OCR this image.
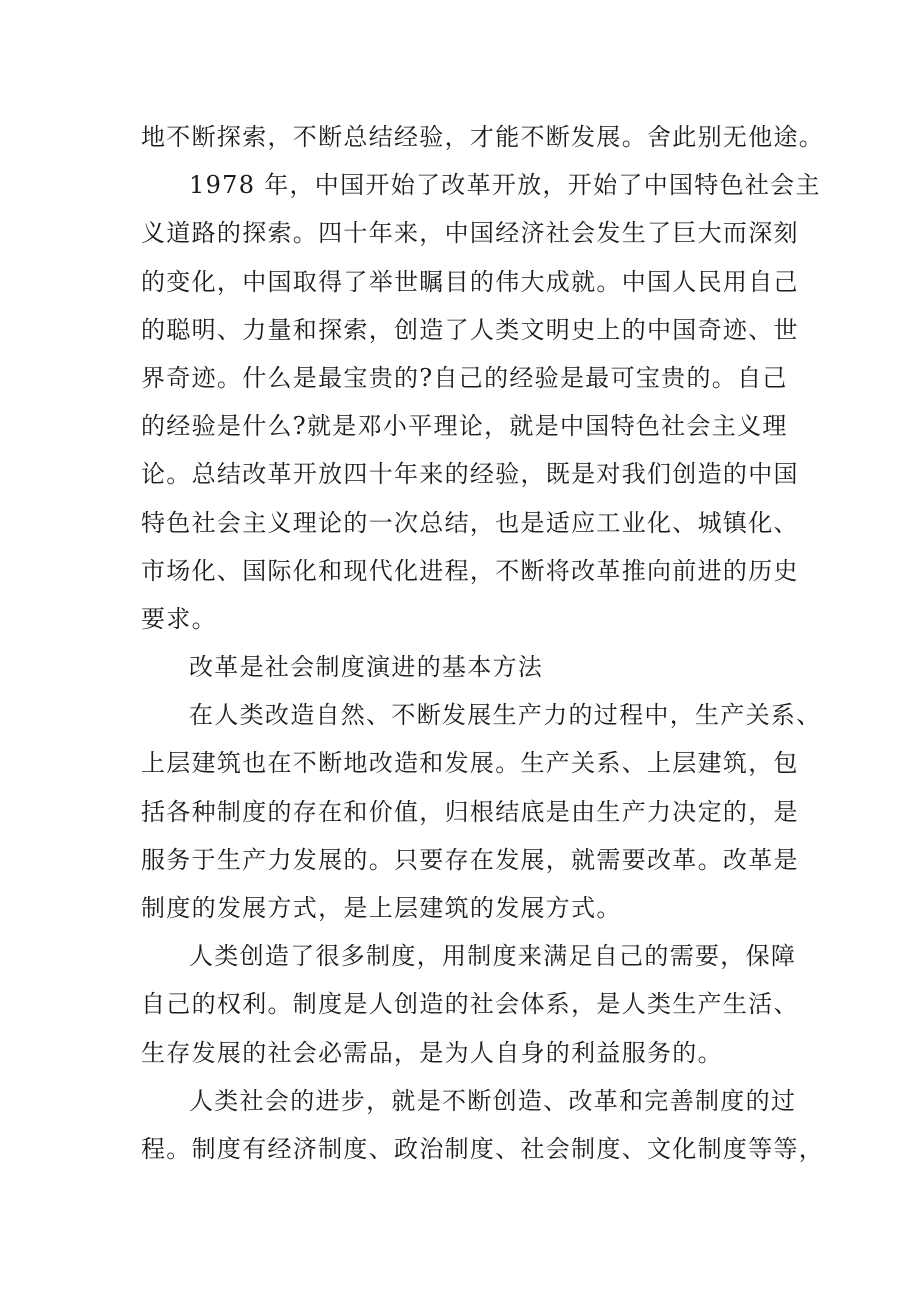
地不断探索，不断总结经验，才能不断发展。舍此别无他途。
1978 年，中国开始了改革开放，开始了中国特色社会主
义道路的探索。四十年来，中国经济社会发生了巨大而深刻
的变化，中国取得了举世瞩目的伟大成就。中国人民用自己
的聪明、力量和探索，创造了人类文明史上的中国奇迹、世
界奇迹。什么是最宝贵的?自己的经验是最可宝贵的。自己
的经验是什么?就是邓小平理论，就是中国特色社会主义理
论。总结改革开放四十年来的经验，既是对我们创造的中国
特色社会主义理论的一次总结，也是适应工业化、城镇化、
市场化、国际化和现代化进程，不断将改革推向前进的历史
要求。
改革是社会制度演进的基本方法
在人类改造自然、不断发展生产力的过程中，生产关系、
上层建筑也在不断地改造和发展。生产关系、上层建筑，包
括各种制度的存在和价值，归根结底是由生产力决定的，是
服务于生产力发展的。只要存在发展，就需要改革。改革是
制度的发展方式，是上层建筑的发展方式。
人类创造了很多制度，用制度来满足自己的需要，保障
自己的权利。制度是人创造的社会体系，是人类生产生活、
生存发展的社会必需品，是为人自身的利益服务的。
人类社会的进步，就是不断创造、改革和完善制度的过
程。制度有经济制度、政治制度、社会制度、文化制度等等，
